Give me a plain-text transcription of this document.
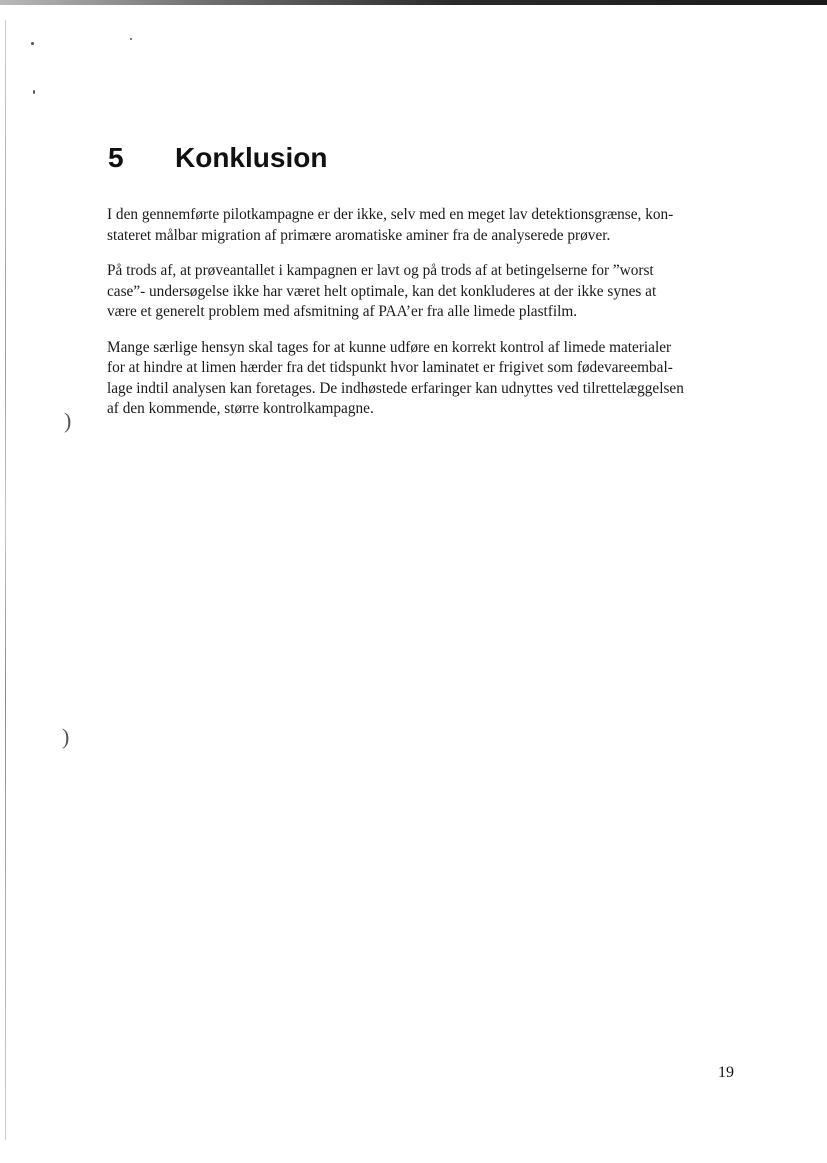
)
)
5 Konklusion

I den gennemførte pilotkampagne er der ikke, selv med en meget lav detektionsgrænse, kon-
stateret målbar migration af primære aromatiske aminer fra de analyserede prøver.

På trods af, at prøveantallet i kampagnen er lavt og på trods af at betingelserne for ”worst
case”- undersøgelse ikke har været helt optimale, kan det konkluderes at der ikke synes at
være et generelt problem med afsmitning af PAA’er fra alle limede plastfilm.

Mange særlige hensyn skal tages for at kunne udføre en korrekt kontrol af limede materialer
for at hindre at limen hærder fra det tidspunkt hvor laminatet er frigivet som fødevareembal-
lage indtil analysen kan foretages. De indhøstede erfaringer kan udnyttes ved tilrettelæggelsen
af den kommende, større kontrolkampagne.

19
